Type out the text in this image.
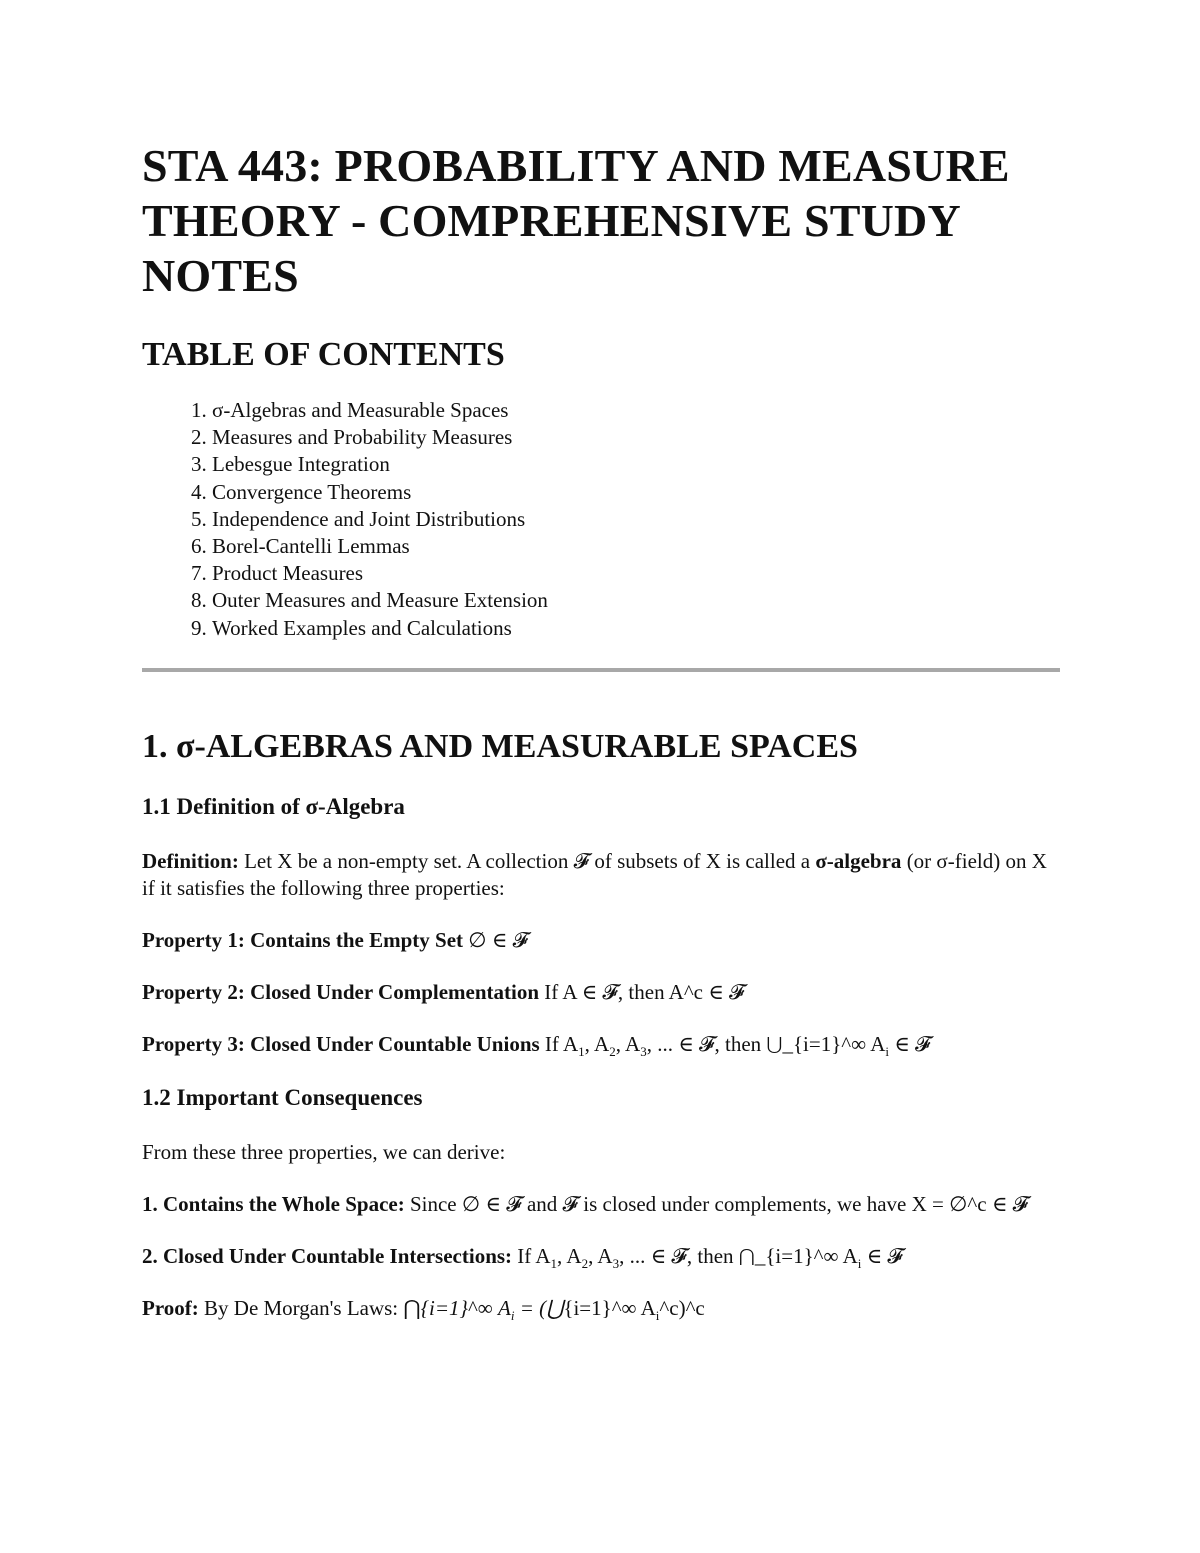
STA 443: PROBABILITY AND MEASURE THEORY - COMPREHENSIVE STUDY NOTES
TABLE OF CONTENTS
1. σ-Algebras and Measurable Spaces
2. Measures and Probability Measures
3. Lebesgue Integration
4. Convergence Theorems
5. Independence and Joint Distributions
6. Borel-Cantelli Lemmas
7. Product Measures
8. Outer Measures and Measure Extension
9. Worked Examples and Calculations
1. σ-ALGEBRAS AND MEASURABLE SPACES
1.1 Definition of σ-Algebra

Definition: Let X be a non-empty set. A collection 𝓕 of subsets of X is called a σ-algebra (or σ-field) on X if it satisfies the following three properties:

Property 1: Contains the Empty Set ∅ ∈ 𝓕

Property 2: Closed Under Complementation If A ∈ 𝓕, then A^c ∈ 𝓕

Property 3: Closed Under Countable Unions If $A_1$, $A_2$, $A_3$, ... ∈ 𝓕, then ⋃_{i=1}^∞ $A_i$ ∈ 𝓕

1.2 Important Consequences

From these three properties, we can derive:

1. Contains the Whole Space: Since ∅ ∈ 𝓕 and 𝓕 is closed under complements, we have X = ∅^c ∈ 𝓕

2. Closed Under Countable Intersections: If $A_1$, $A_2$, $A_3$, ... ∈ 𝓕, then ⋂_{i=1}^∞ $A_i$ ∈ 𝓕

Proof: By De Morgan's Laws: ⋂{i=1}^∞ $A_i$ = (⋃{i=1}^∞ $A_i\^{}c)\^{}c$
